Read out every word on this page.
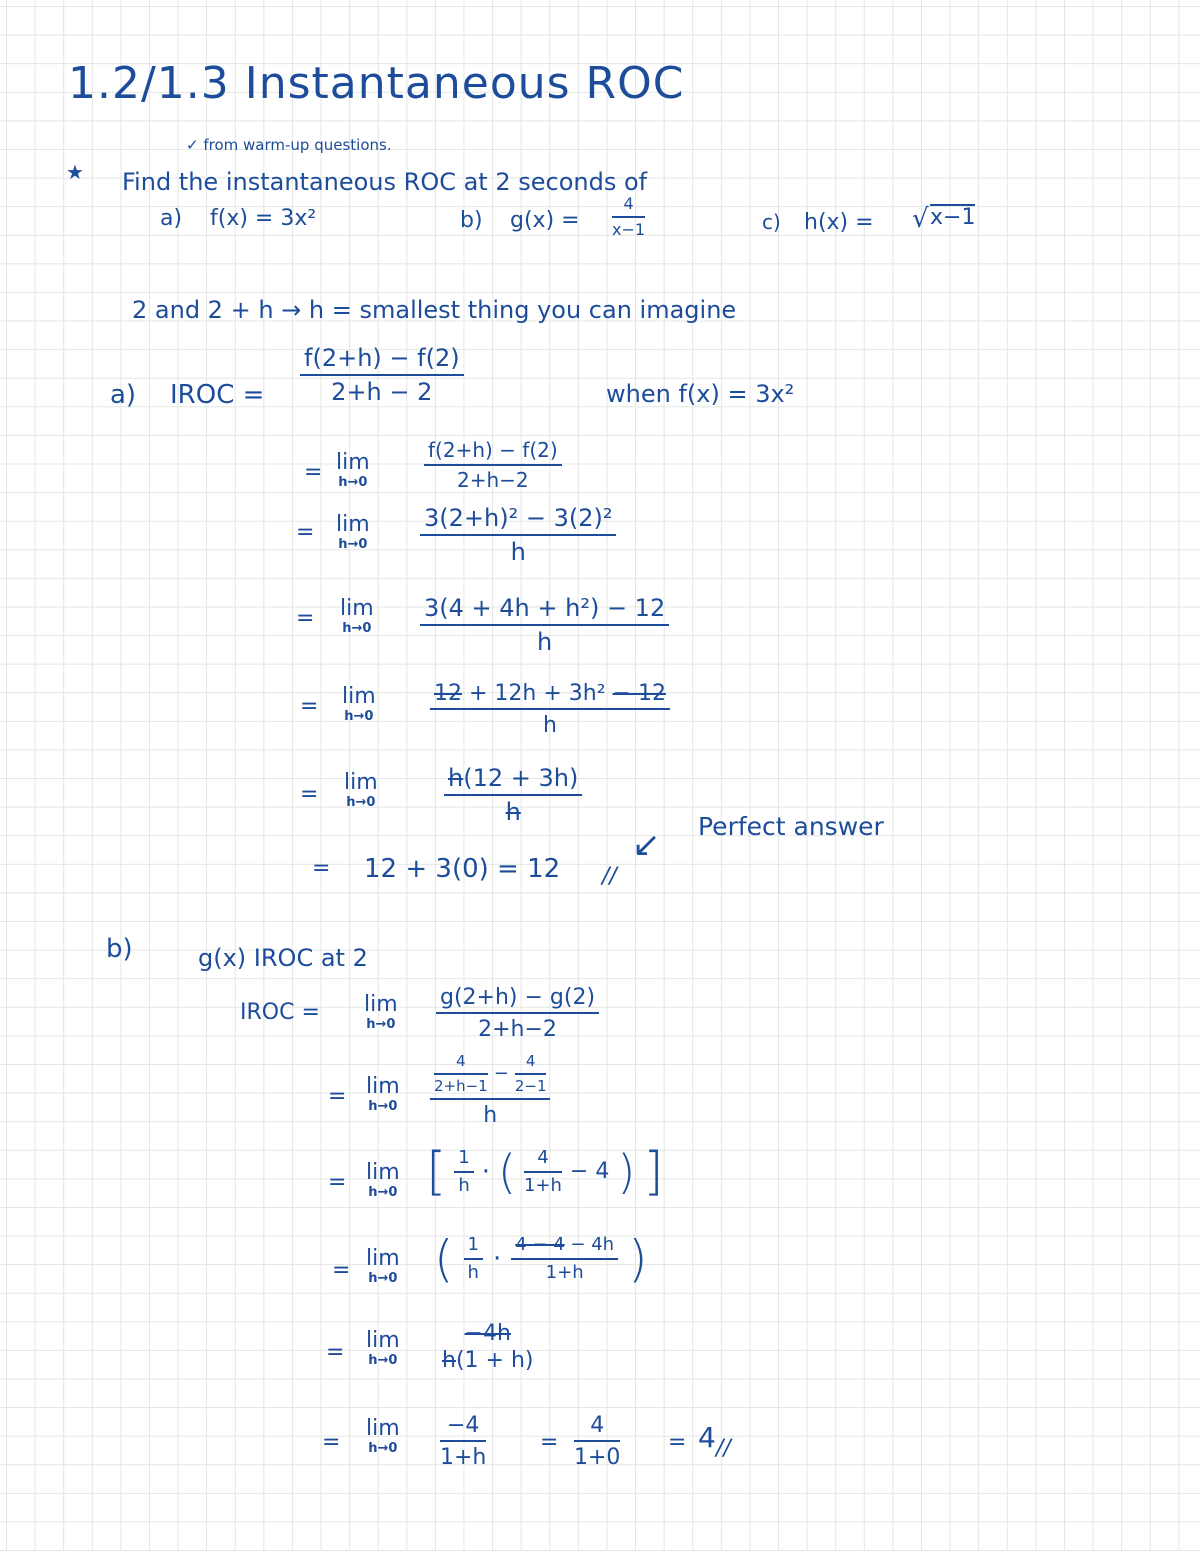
1.2/1.3 Instantaneous ROC
✓ from warm-up questions.
★ Find the instantaneous ROC at 2 seconds of
a) f(x) = 3x²	b) g(x) =
4
x−1	c) h(x) = √ x−1
2 and 2 + h → h = smallest thing you can imagine
a) IROC =
f(2+h) − f(2)
2+h − 2	when f(x) = 3x²
= lim
h→0
f(2+h) − f(2)
2+h−2
= lim
h→0
3(2+h)² − 3(2)²
h
= lim
h→0
3(4 + 4h + h²) − 12
h
= lim
h→0
12 + 12h + 3h² − 12
h
= lim
h→0
h(12 + 3h)
h
= 12 + 3(0) = 12 //
↙ Perfect answer
b)	g(x) IROC at 2
IROC = lim
h→0
g(2+h) − g(2)
2+h−2
= lim
h→0
$\frac{4}{2+h-1} - \frac{4}{2-1}$
h
= lim
h→0 [ $\frac{1}{h}$ · ( $\frac{4}{1+h} - 4$ ) ]
= lim
h→0 ( $\frac{1}{h} \cdot \frac{4 - 4 - 4h}{1+h}$ )
= lim
h→0
−4h
h(1 + h)
=
lim
h→0
−4
1+h
=
4
1+0
= 4 //
